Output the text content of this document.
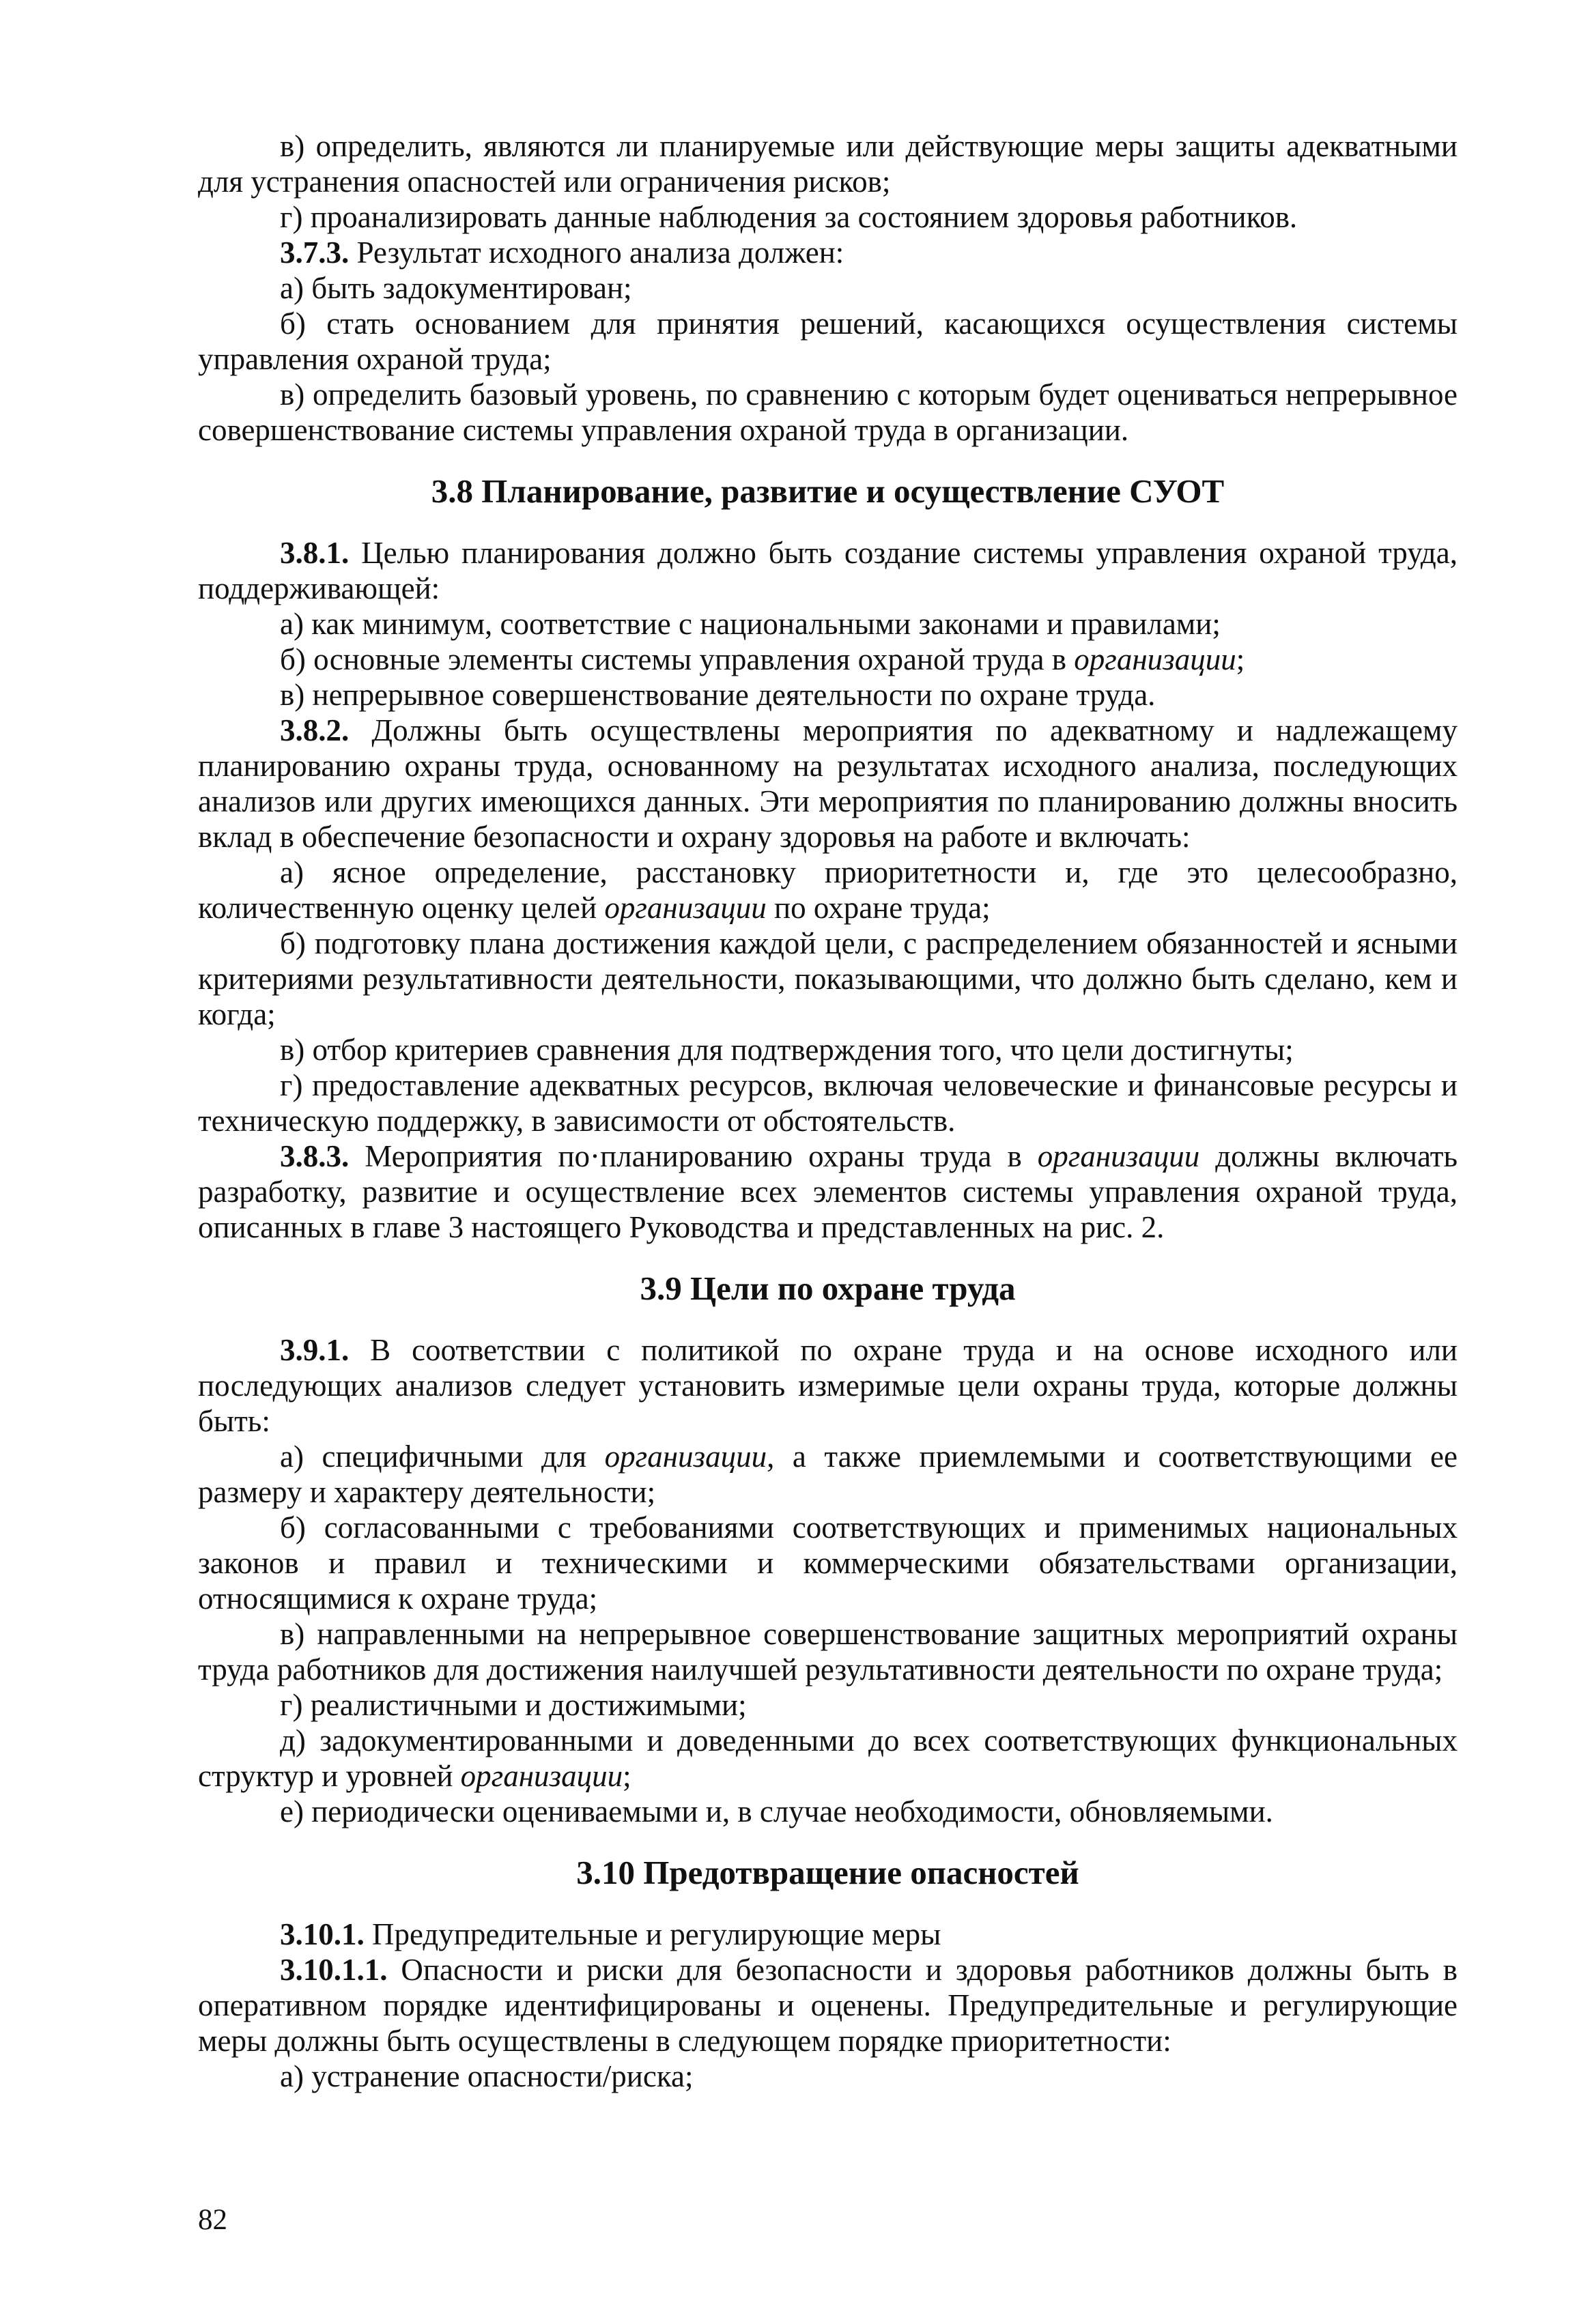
в) определить, являются ли планируемые или действующие меры защиты адекватными для устранения опасностей или ограничения рисков;

г) проанализировать данные наблюдения за состоянием здоровья работников.

3.7.3. Результат исходного анализа должен:

а) быть задокументирован;

б) стать основанием для принятия решений, касающихся осуществления системы управления охраной труда;

в) определить базовый уровень, по сравнению с которым будет оцениваться непрерывное совершенствование системы управления охраной труда в организации.

3.8 Планирование, развитие и осуществление СУОТ

3.8.1. Целью планирования должно быть создание системы управления охраной труда, поддерживающей:

а) как минимум, соответствие с национальными законами и правилами;

б) основные элементы системы управления охраной труда в организации;

в) непрерывное совершенствование деятельности по охране труда.

3.8.2. Должны быть осуществлены мероприятия по адекватному и надлежащему планированию охраны труда, основанному на результатах исходного анализа, последующих анализов или других имеющихся данных. Эти мероприятия по планированию должны вносить вклад в обеспечение безопасности и охрану здоровья на работе и включать:

а) ясное определение, расстановку приоритетности и, где это целесообразно, количественную оценку целей организации по охране труда;

б) подготовку плана достижения каждой цели, с распределением обязанностей и ясными критериями результативности деятельности, показывающими, что должно быть сделано, кем и когда;

в) отбор критериев сравнения для подтверждения того, что цели достигнуты;

г) предоставление адекватных ресурсов, включая человеческие и финансовые ресурсы и техническую поддержку, в зависимости от обстоятельств.

3.8.3. Мероприятия по·планированию охраны труда в организации должны включать разработку, развитие и осуществление всех элементов системы управления охраной труда, описанных в главе 3 настоящего Руководства и представленных на рис. 2.

3.9 Цели по охране труда

3.9.1. В соответствии с политикой по охране труда и на основе исходного или последующих анализов следует установить измеримые цели охраны труда, которые должны быть:

а) специфичными для организации, а также приемлемыми и соответствующими ее размеру и характеру деятельности;

б) согласованными с требованиями соответствующих и применимых национальных законов и правил и техническими и коммерческими обязательствами организации, относящимися к охране труда;

в) направленными на непрерывное совершенствование защитных мероприятий охраны труда работников для достижения наилучшей результативности деятельности по охране труда;

г) реалистичными и достижимыми;

д) задокументированными и доведенными до всех соответствующих функциональных структур и уровней организации;

е) периодически оцениваемыми и, в случае необходимости, обновляемыми.

3.10 Предотвращение опасностей

3.10.1. Предупредительные и регулирующие меры

3.10.1.1. Опасности и риски для безопасности и здоровья работников должны быть в оперативном порядке идентифицированы и оценены. Предупредительные и регулирующие меры должны быть осуществлены в следующем порядке приоритетности:

а) устранение опасности/риска;

82
